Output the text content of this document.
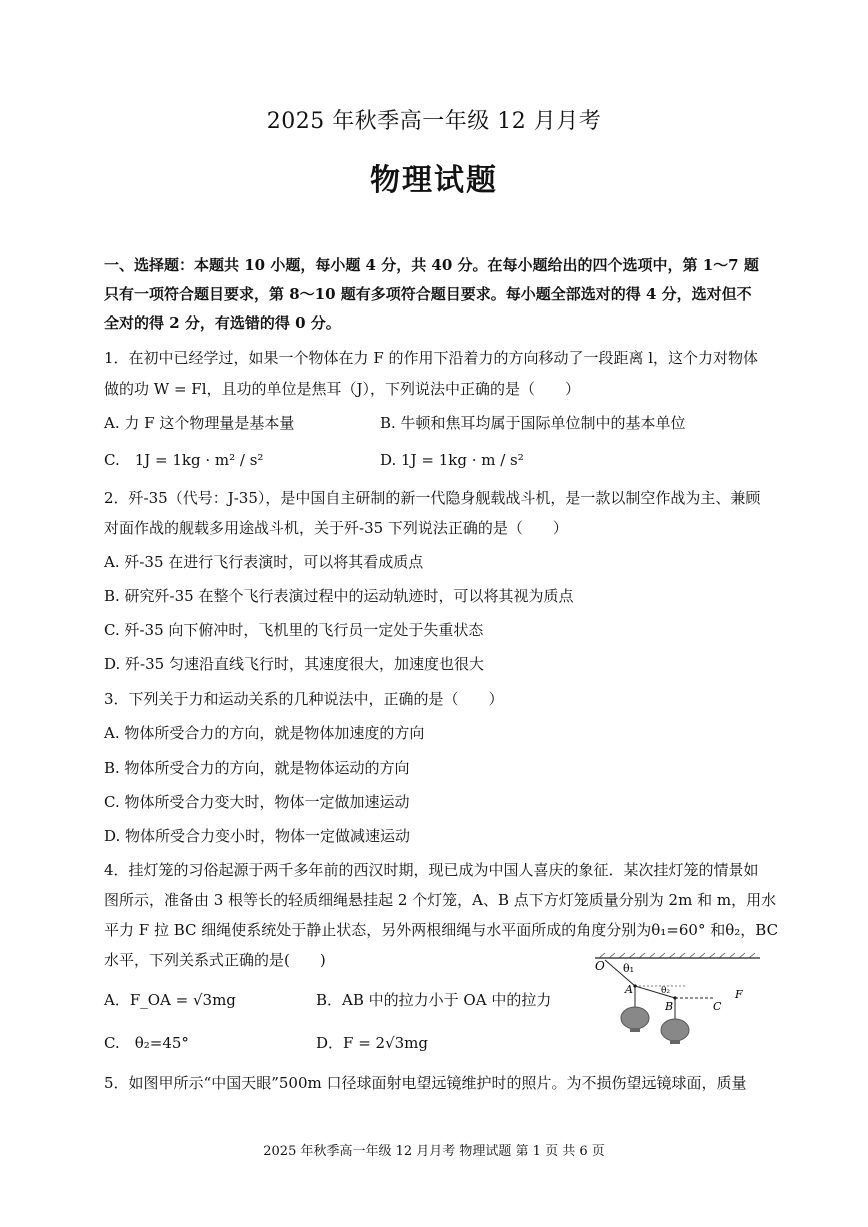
2025 年秋季高一年级 12 月月考
物理试题
一、选择题：本题共 10 小题，每小题 4 分，共 40 分。在每小题给出的四个选项中，第 1～7 题只有一项符合题目要求，第 8～10 题有多项符合题目要求。每小题全部选对的得 4 分，选对但不全对的得 2 分，有选错的得 0 分。
1．在初中已经学过，如果一个物体在力 F 的作用下沿着力的方向移动了一段距离 l，这个力对物体
做的功 W = Fl，且功的单位是焦耳（J），下列说法中正确的是（　　）
A. 力 F 这个物理量是基本量	B. 牛顿和焦耳均属于国际单位制中的基本单位
C.　1J = 1kg · m² / s²	D. 1J = 1kg · m / s²
2．歼-35（代号：J-35），是中国自主研制的新一代隐身舰载战斗机，是一款以制空作战为主、兼顾
对面作战的舰载多用途战斗机，关于歼-35 下列说法正确的是（　　）
A. 歼-35 在进行飞行表演时，可以将其看成质点
B. 研究歼-35 在整个飞行表演过程中的运动轨迹时，可以将其视为质点
C. 歼-35 向下俯冲时，飞机里的飞行员一定处于失重状态
D. 歼-35 匀速沿直线飞行时，其速度很大，加速度也很大
3．下列关于力和运动关系的几种说法中，正确的是（　　）
A. 物体所受合力的方向，就是物体加速度的方向
B. 物体所受合力的方向，就是物体运动的方向
C. 物体所受合力变大时，物体一定做加速运动
D. 物体所受合力变小时，物体一定做减速运动
4．挂灯笼的习俗起源于两千多年前的西汉时期，现已成为中国人喜庆的象征．某次挂灯笼的情景如
图所示，准备由 3 根等长的轻质细绳悬挂起 2 个灯笼，A、B 点下方灯笼质量分别为 2m 和 m，用水
平力 F 拉 BC 细绳使系统处于静止状态，另外两根细绳与水平面所成的角度分别为θ₁=60° 和θ₂，BC
水平，下列关系式正确的是(　　)
A．F_OA = √3mg	B．AB 中的拉力小于 OA 中的拉力
C.　θ₂=45°	D．F = 2√3mg
O θ₁
θ₂
A
B	C
F
5．如图甲所示“中国天眼”500m 口径球面射电望远镜维护时的照片。为不损伤望远镜球面，质量
2025 年秋季高一年级 12 月月考 物理试题 第 1 页 共 6 页
